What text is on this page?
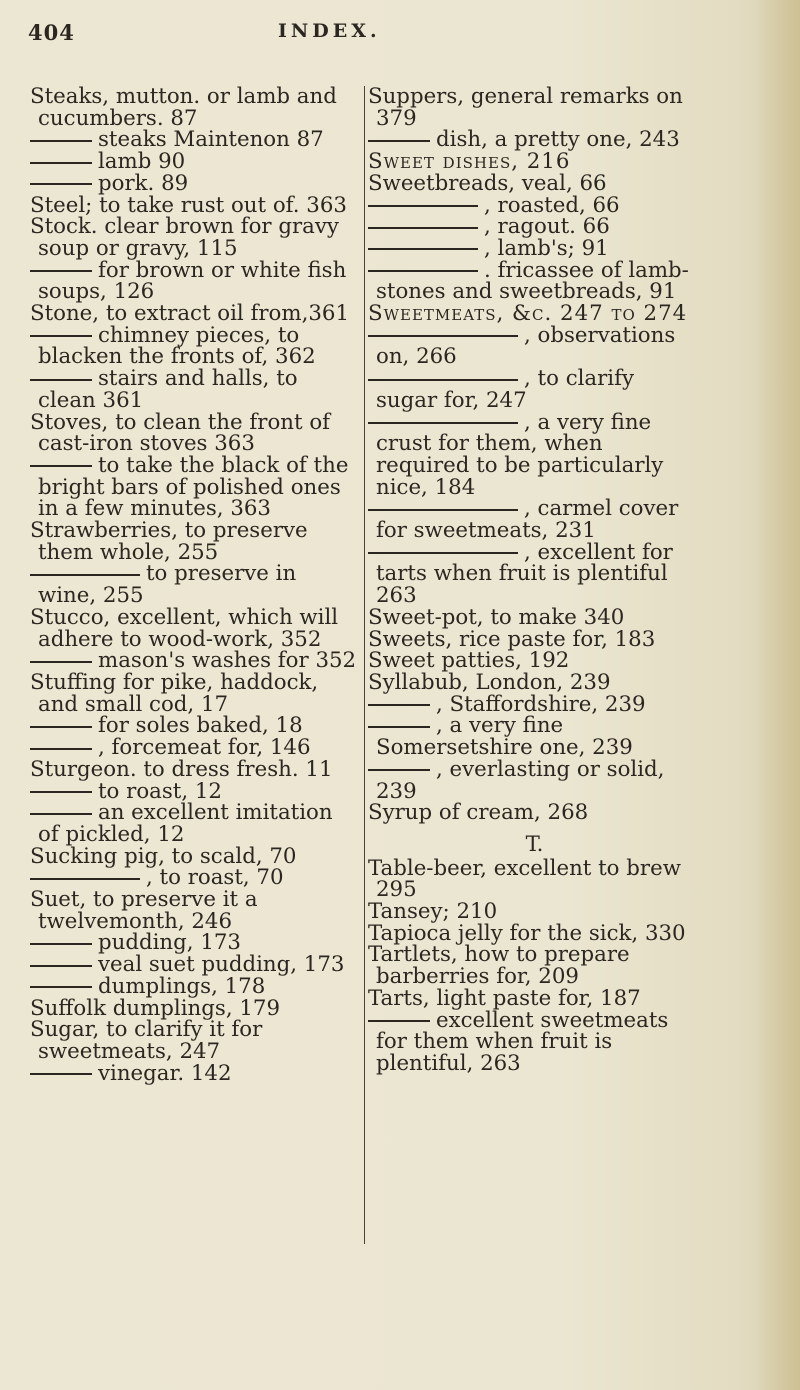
404	INDEX.

Steaks, mutton. or lamb and cucumbers. 87

steaks Maintenon 87

lamb 90

pork. 89

Steel; to take rust out of. 363

Stock. clear brown for gravy soup or gravy, 115

for brown or white fish soups, 126

Stone, to extract oil from,361

chimney pieces, to blacken the fronts of, 362

stairs and halls, to clean 361

Stoves, to clean the front of cast-iron stoves 363

to take the black of the bright bars of polished ones in a few minutes, 363

Strawberries, to preserve them whole, 255

to preserve in wine, 255

Stucco, excellent, which will adhere to wood-work, 352

mason's washes for 352

Stuffing for pike, haddock, and small cod, 17

for soles baked, 18

, forcemeat for, 146

Sturgeon. to dress fresh. 11

to roast, 12

an excellent imitation of pickled, 12

Sucking pig, to scald, 70

, to roast, 70

Suet, to preserve it a twelvemonth, 246

pudding, 173

veal suet pudding, 173

dumplings, 178

Suffolk dumplings, 179

Sugar, to clarify it for sweetmeats, 247

vinegar. 142

Suppers, general remarks on 379

dish, a pretty one, 243

Sweet dishes, 216

Sweetbreads, veal, 66

, roasted, 66

, ragout. 66

, lamb's; 91

. fricassee of lamb-stones and sweetbreads, 91

Sweetmeats, &c. 247 to 274

, observations on, 266

, to clarify sugar for, 247

, a very fine crust for them, when required to be particularly nice, 184

, carmel cover for sweetmeats, 231

, excellent for tarts when fruit is plentiful 263

Sweet-pot, to make 340

Sweets, rice paste for, 183

Sweet patties, 192

Syllabub, London, 239

, Staffordshire, 239

, a very fine Somersetshire one, 239

, everlasting or solid, 239

Syrup of cream, 268

T.

Table-beer, excellent to brew 295

Tansey; 210

Tapioca jelly for the sick, 330

Tartlets, how to prepare barberries for, 209

Tarts, light paste for, 187

excellent sweetmeats for them when fruit is plentiful, 263
